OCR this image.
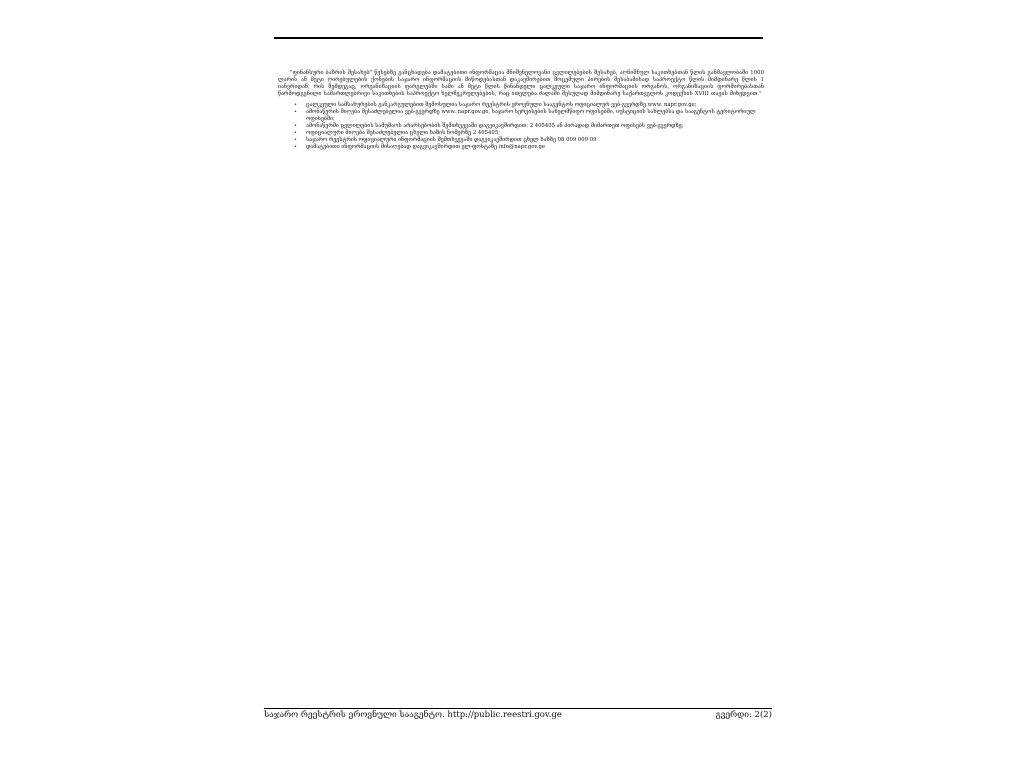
"ფინანსური ბაზრის შესახებ" წესებზე განცხადება დამატებითი ინფორმაცია მნიშვნელოვანი ცვლილებების შესახებ, აღნიშნულ საკითხებთან წლის განმავლობაში 1000 ლარის ან მეტი ღირებულების ქონების საჯარო ინფორმაციის მიწოდებასთან დაკავშირებით მოცემული პირების შესაბამისად საპროექტო წლის მიმდინარე წლის 1 იანვრიდან, რის შემდეგაც, ორგანიზაციის ფარგლებში სამი ან მეტი წლის წინანდელი ცალკეული საჯარო ინფორმაციის ორგანოს, ორგანიზაციის ფორმირებასთან წარმოდგენილი სამართლებრივი საკითხების საპროექტო ხელშეკრულებების, რაც ითვლება ძალაში შესულად მიმდინარე საქართველოს კოდექსის XVIII თავის მიხედვით."

• ცალკეული სამსახურების განკარგულებით შემოსულია საჯარო რეესტრის ეროვნული სააგენტოს ოფიციალურ ვებ-გვერდზე www. napr.gov.ge;
• ამონაწერის მიღება შესაძლებელია ვებ-გვერდზე www. napr.gov.ge, საჯარო სერვისების სახელმწიფო ოფისებში, იუსტიციის სახლებსა და სააგენტოს ტერიტორიულ ოფისებში;
• ამონაწერში ცვლილების სამუშაოს არარსებობის შემთხვევაში დაგვიკავშირდით: 2 405405 ან პირადად მიმართეთ ოფისებს ვებ-გვერდზე;
• ოფიციალური მიღება შესაძლებელია ცხელი ხაზის ნომერზე 2 405405;
• საჯარო რეესტრის ოფიციალური ინფორმაციის შემთხვევაში დაგვიკავშირდით ცხელ ხაზზე 08 009 009 09
• დამატებითი ინფორმაციის მისაღებად დაგვიკავშირდით ელ-ფოსტაზე info@napr.gov.ge
საჯარო რეესტრის ეროვნული სააგენტო. http://public.reestri.gov.ge	გვერდი: 2(2)
